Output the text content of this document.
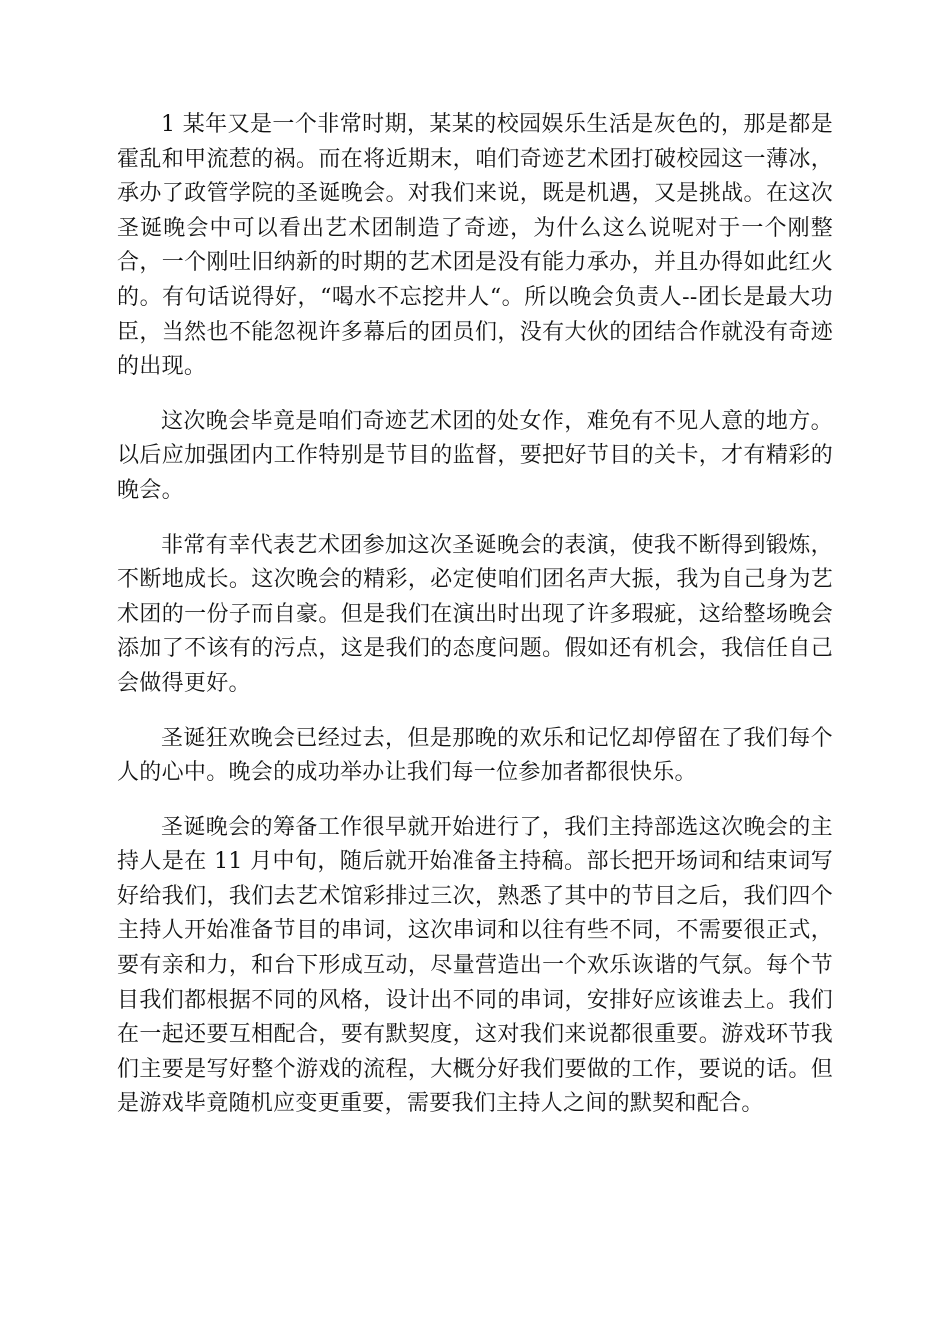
1 某年又是一个非常时期，某某的校园娱乐生活是灰色的，那是都是霍乱和甲流惹的祸。而在将近期末，咱们奇迹艺术团打破校园这一薄冰，承办了政管学院的圣诞晚会。对我们来说，既是机遇，又是挑战。在这次圣诞晚会中可以看出艺术团制造了奇迹，为什么这么说呢对于一个刚整合，一个刚吐旧纳新的时期的艺术团是没有能力承办，并且办得如此红火的。有句话说得好，“喝水不忘挖井人“。所以晚会负责人--团长是最大功臣，当然也不能忽视许多幕后的团员们，没有大伙的团结合作就没有奇迹的出现。

这次晚会毕竟是咱们奇迹艺术团的处女作，难免有不见人意的地方。以后应加强团内工作特别是节目的监督，要把好节目的关卡，才有精彩的晚会。

非常有幸代表艺术团参加这次圣诞晚会的表演，使我不断得到锻炼，不断地成长。这次晚会的精彩，必定使咱们团名声大振，我为自己身为艺术团的一份子而自豪。但是我们在演出时出现了许多瑕疵，这给整场晚会添加了不该有的污点，这是我们的态度问题。假如还有机会，我信任自己会做得更好。

圣诞狂欢晚会已经过去，但是那晚的欢乐和记忆却停留在了我们每个人的心中。晚会的成功举办让我们每一位参加者都很快乐。

圣诞晚会的筹备工作很早就开始进行了，我们主持部选这次晚会的主持人是在 11 月中旬，随后就开始准备主持稿。部长把开场词和结束词写好给我们，我们去艺术馆彩排过三次，熟悉了其中的节目之后，我们四个主持人开始准备节目的串词，这次串词和以往有些不同，不需要很正式，要有亲和力，和台下形成互动，尽量营造出一个欢乐诙谐的气氛。每个节目我们都根据不同的风格，设计出不同的串词，安排好应该谁去上。我们在一起还要互相配合，要有默契度，这对我们来说都很重要。游戏环节我们主要是写好整个游戏的流程，大概分好我们要做的工作，要说的话。但是游戏毕竟随机应变更重要，需要我们主持人之间的默契和配合。
